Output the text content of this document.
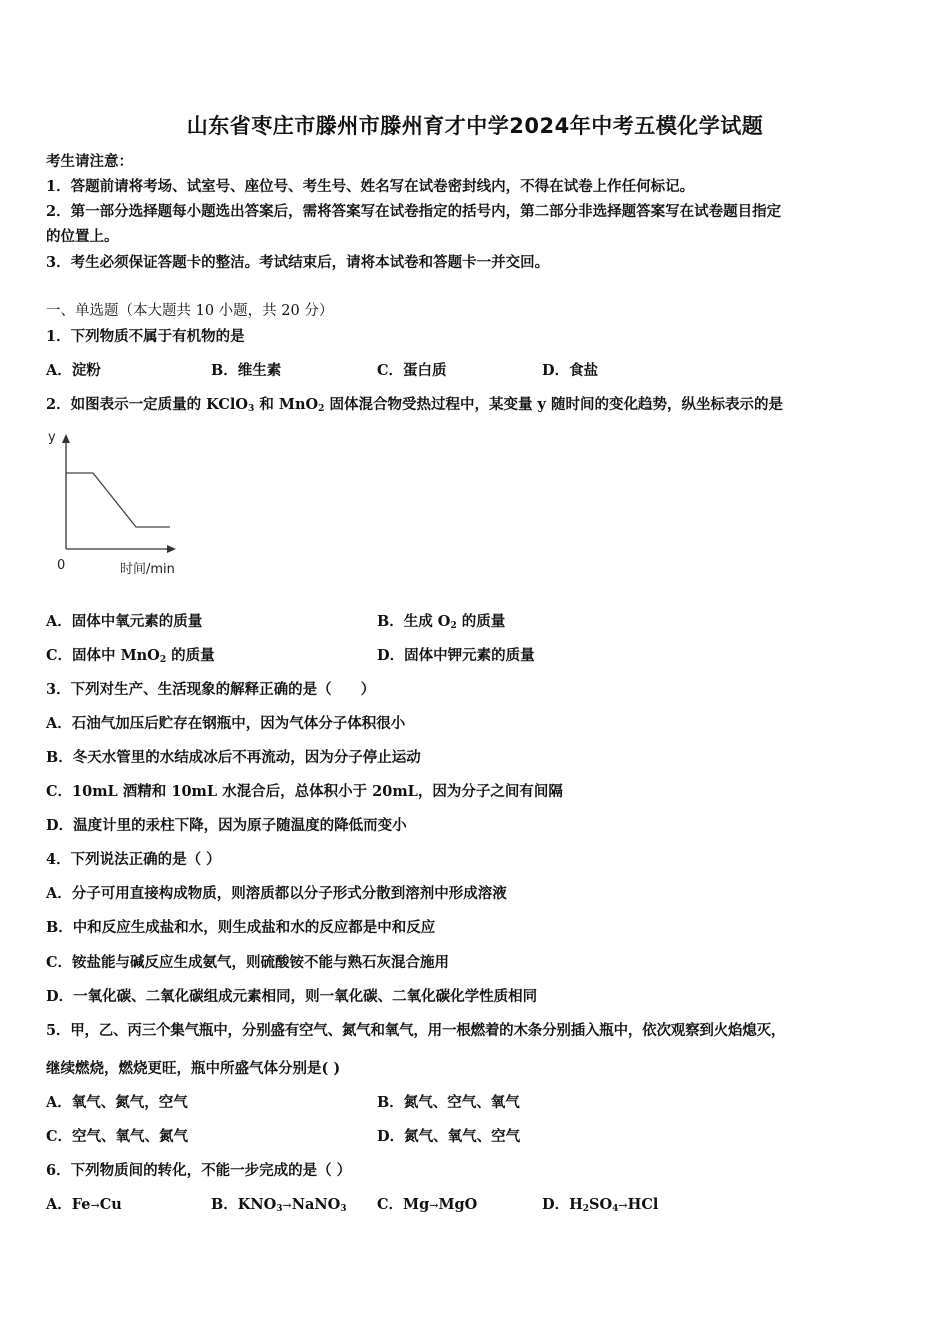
山东省枣庄市滕州市滕州育才中学2024年中考五模化学试题
考生请注意：
1．答题前请将考场、试室号、座位号、考生号、姓名写在试卷密封线内，不得在试卷上作任何标记。
2．第一部分选择题每小题选出答案后，需将答案写在试卷指定的括号内，第二部分非选择题答案写在试卷题目指定
的位置上。
3．考生必须保证答题卡的整洁。考试结束后，请将本试卷和答题卡一并交回。
一、单选题（本大题共 10 小题，共 20 分）
1．下列物质不属于有机物的是
A．淀粉	B．维生素	C．蛋白质	D．食盐
2．如图表示一定质量的 KClO$_3$ 和 MnO$_2$ 固体混合物受热过程中，某变量 y 随时间的变化趋势，纵坐标表示的是
y
0	时间/min
A．固体中氧元素的质量	B．生成 $O_2$ 的质量
C．固体中 MnO$_2$ 的质量	D．固体中钾元素的质量
3．下列对生产、生活现象的解释正确的是（　　）
A．石油气加压后贮存在钢瓶中，因为气体分子体积很小
B．冬天水管里的水结成冰后不再流动，因为分子停止运动
C．10mL 酒精和 10mL 水混合后，总体积小于 20mL，因为分子之间有间隔
D．温度计里的汞柱下降，因为原子随温度的降低而变小
4．下列说法正确的是（ ）
A．分子可用直接构成物质，则溶质都以分子形式分散到溶剂中形成溶液
B．中和反应生成盐和水，则生成盐和水的反应都是中和反应
C．铵盐能与碱反应生成氨气，则硫酸铵不能与熟石灰混合施用
D．一氧化碳、二氧化碳组成元素相同，则一氧化碳、二氧化碳化学性质相同
5．甲，乙、丙三个集气瓶中，分别盛有空气、氮气和氧气，用一根燃着的木条分别插入瓶中，依次观察到火焰熄灭，
继续燃烧，燃烧更旺，瓶中所盛气体分别是( )
A．氧气、氮气，空气	B．氮气、空气、氧气
C．空气、氧气、氮气	D．氮气、氧气、空气
6．下列物质间的转化，不能一步完成的是（ ）
A．Fe→Cu	B．$KNO_3\to NaNO_3$ C．Mg→MgO	D．$H_2SO_4\to HCl$
